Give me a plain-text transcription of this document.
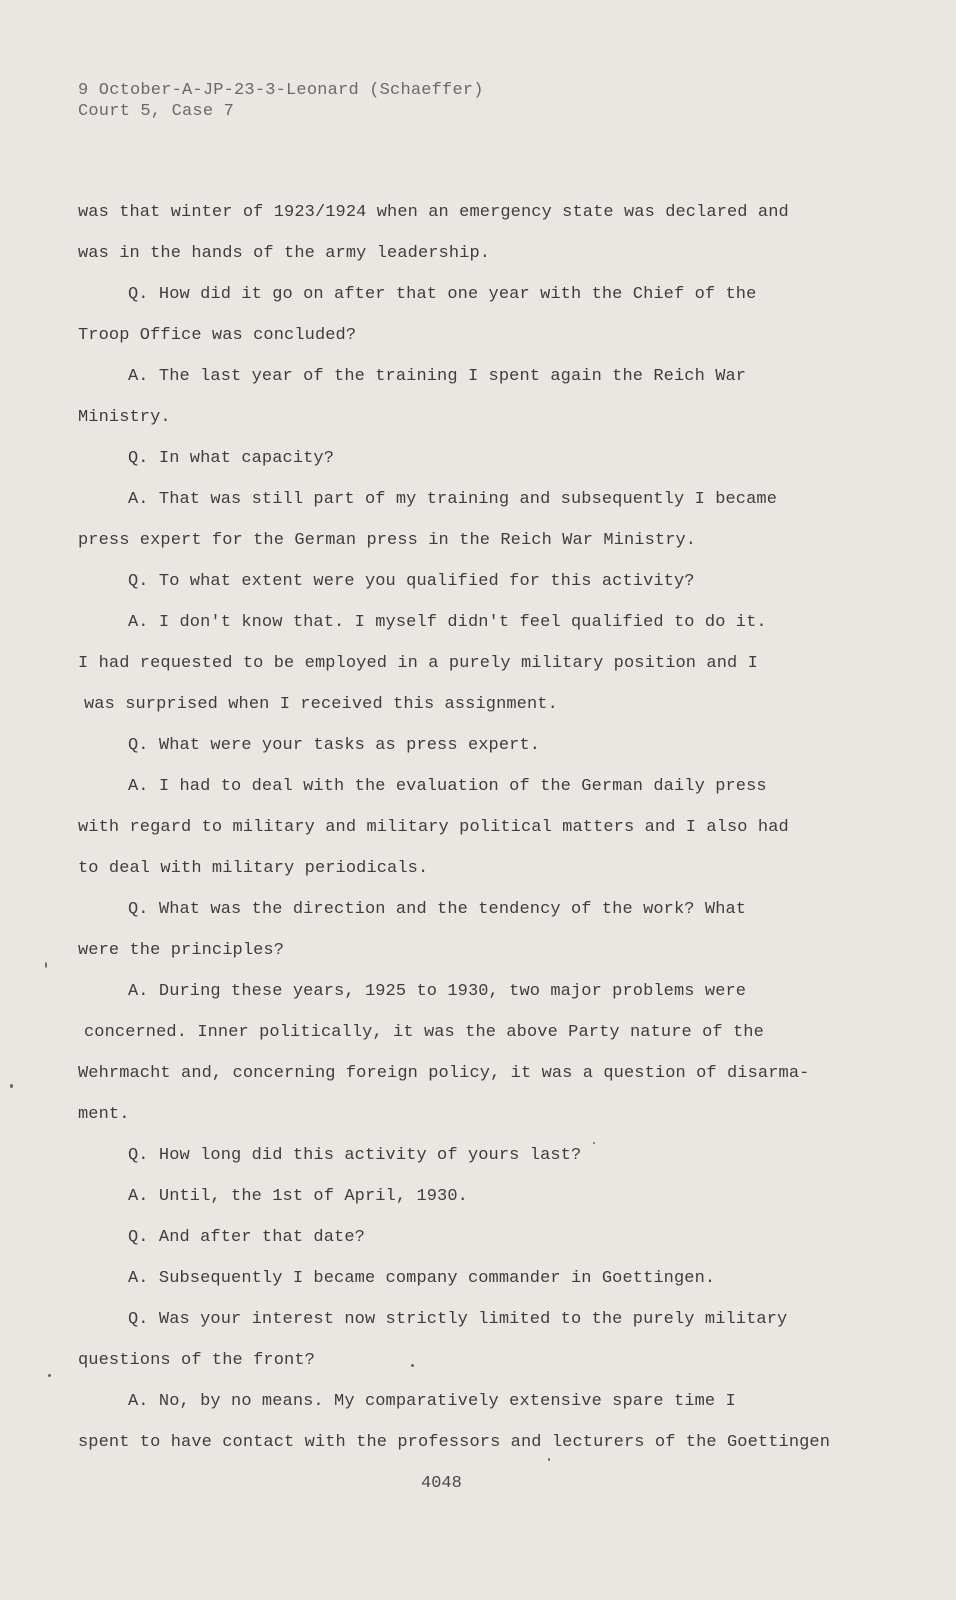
9 October-A-JP-23-3-Leonard (Schaeffer)
Court 5, Case 7
was that winter of 1923/1924 when an emergency state was declared and
was in the hands of the army leadership.
Q. How did it go on after that one year with the Chief of the
Troop Office was concluded?
A. The last year of the training I spent again the Reich War
Ministry.
Q. In what capacity?
A. That was still part of my training and subsequently I became
press expert for the German press in the Reich War Ministry.
Q. To what extent were you qualified for this activity?
A. I don't know that. I myself didn't feel qualified to do it.
I had requested to be employed in a purely military position and I
was surprised when I received this assignment.
Q. What were your tasks as press expert.
A. I had to deal with the evaluation of the German daily press
with regard to military and military political matters and I also had
to deal with military periodicals.
Q. What was the direction and the tendency of the work? What
were the principles?
A. During these years, 1925 to 1930, two major problems were
concerned. Inner politically, it was the above Party nature of the
Wehrmacht and, concerning foreign policy, it was a question of disarma-
ment.
Q. How long did this activity of yours last?
A. Until, the 1st of April, 1930.
Q. And after that date?
A. Subsequently I became company commander in Goettingen.
Q. Was your interest now strictly limited to the purely military
questions of the front?
A. No, by no means. My comparatively extensive spare time I
spent to have contact with the professors and lecturers of the Goettingen
4048
